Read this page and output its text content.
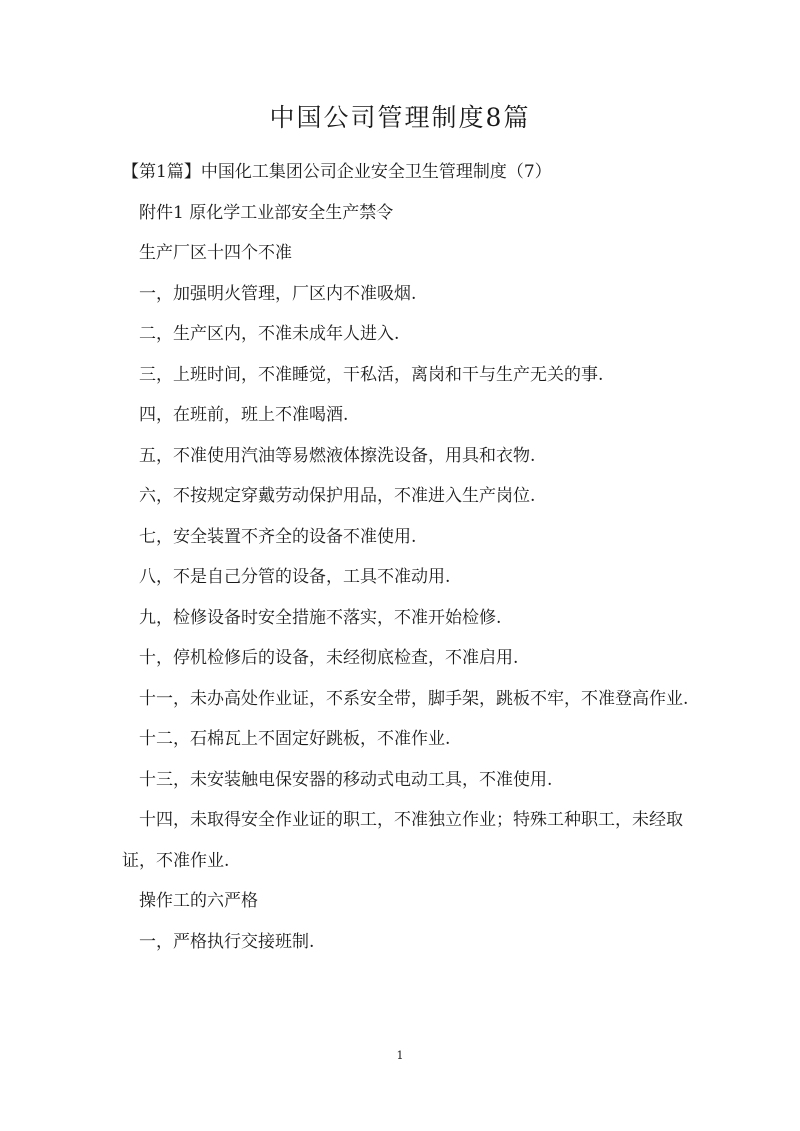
中国公司管理制度8篇

【第1篇】中国化工集团公司企业安全卫生管理制度（7）

附件1 原化学工业部安全生产禁令

生产厂区十四个不准

一，加强明火管理，厂区内不准吸烟.

二，生产区内，不准未成年人进入.

三，上班时间，不准睡觉，干私活，离岗和干与生产无关的事.

四，在班前，班上不准喝酒.

五，不准使用汽油等易燃液体擦洗设备，用具和衣物.

六，不按规定穿戴劳动保护用品，不准进入生产岗位.

七，安全装置不齐全的设备不准使用.

八，不是自己分管的设备，工具不准动用.

九，检修设备时安全措施不落实，不准开始检修.

十，停机检修后的设备，未经彻底检查，不准启用.

十一，未办高处作业证，不系安全带，脚手架，跳板不牢，不准登高作业.

十二，石棉瓦上不固定好跳板，不准作业.

十三，未安装触电保安器的移动式电动工具，不准使用.

十四，未取得安全作业证的职工，不准独立作业；特殊工种职工，未经取证，不准作业.

操作工的六严格

一，严格执行交接班制.

1
